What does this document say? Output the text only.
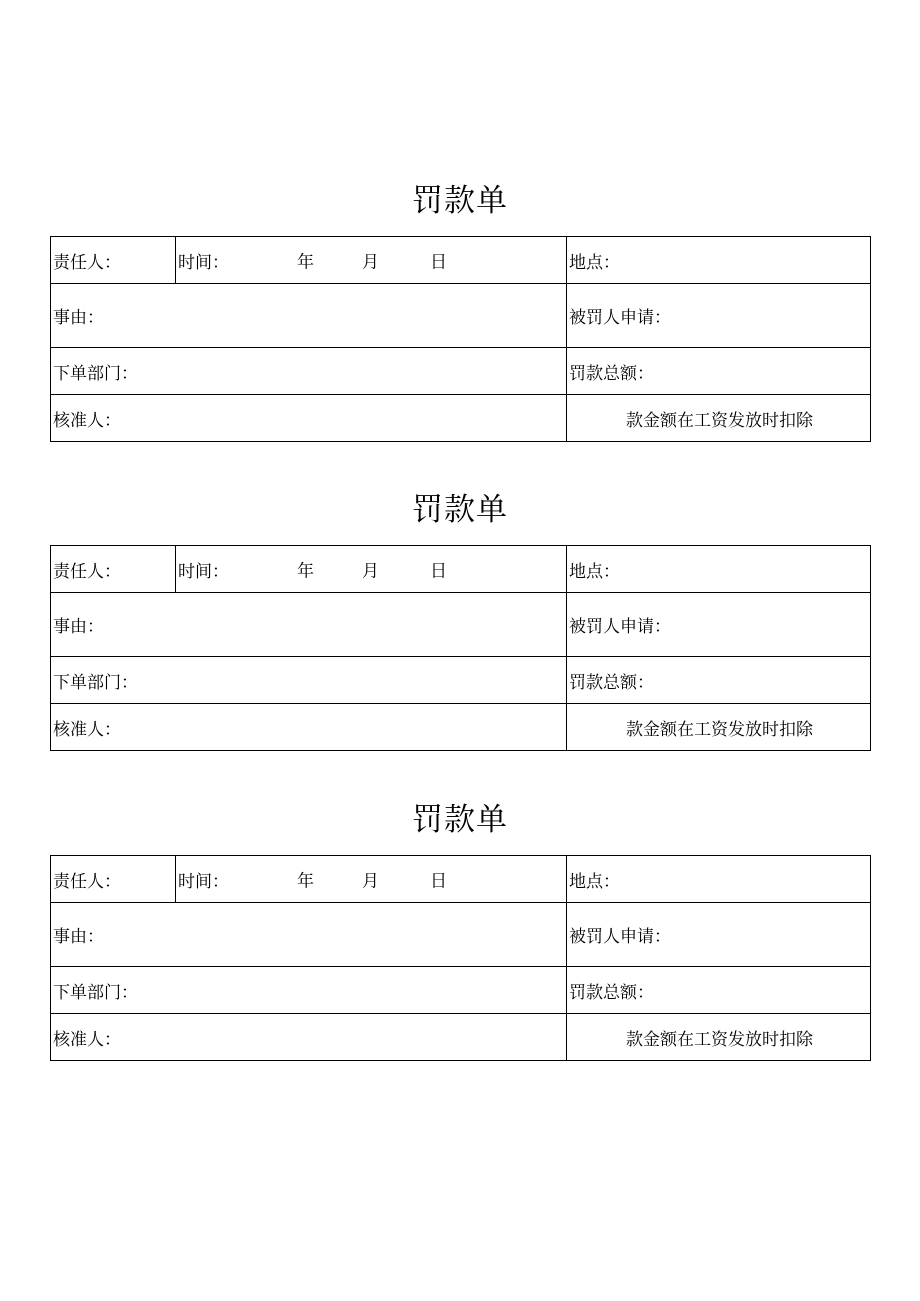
罚款单
责任人：	时间： 年 月 日	地点：
事由：		被罚人申请：
下单部门：		罚款总额：
核准人：		款金额在工资发放时扣除
罚款单
责任人：	时间： 年 月 日	地点：
事由：		被罚人申请：
下单部门：		罚款总额：
核准人：		款金额在工资发放时扣除
罚款单
责任人：	时间： 年 月 日	地点：
事由：		被罚人申请：
下单部门：		罚款总额：
核准人：		款金额在工资发放时扣除
